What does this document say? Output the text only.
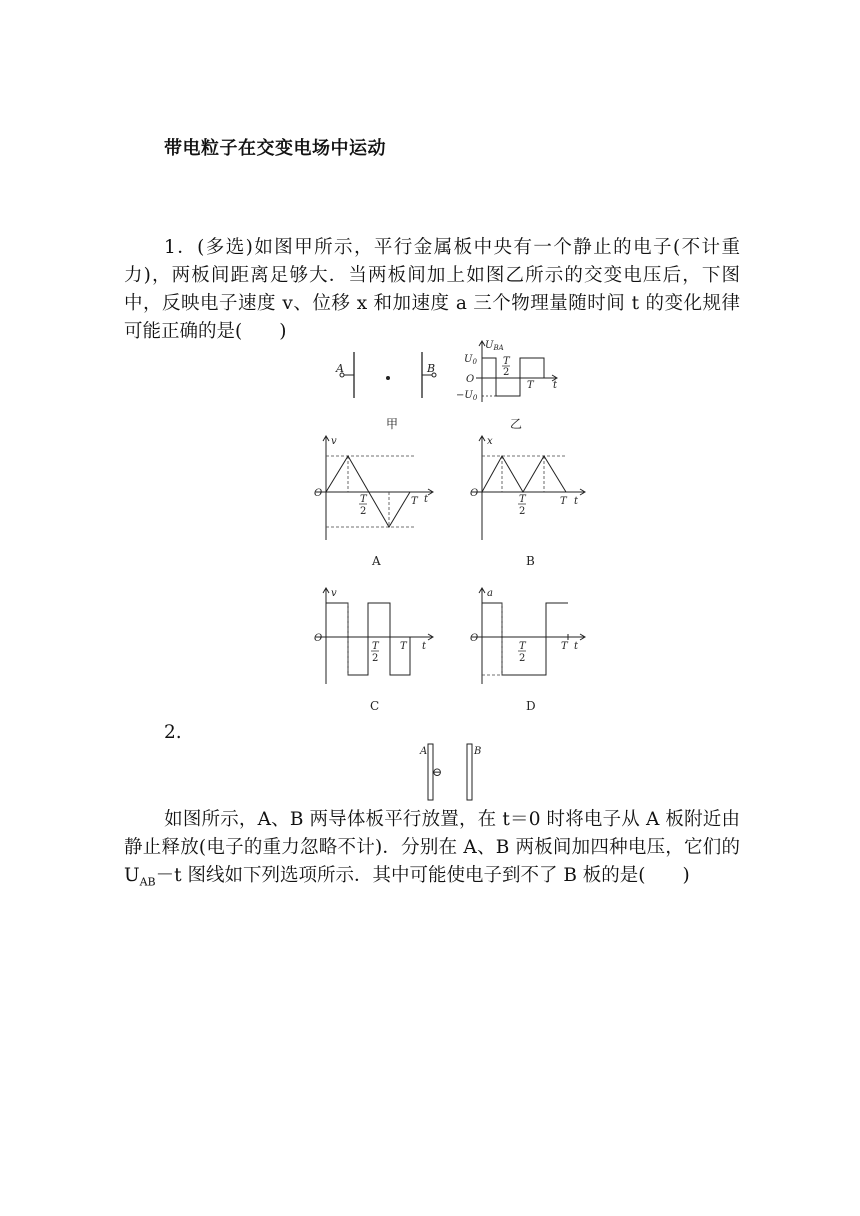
带电粒子在交变电场中运动

1．(多选)如图甲所示，平行金属板中央有一个静止的电子(不计重力)，两板间距离足够大．当两板间加上如图乙所示的交变电压后，下图中，反映电子速度 v、位移 x 和加速度 a 三个物理量随时间 t 的变化规律可能正确的是(　　)

A	B
甲
$U_{BA}$
$U_0$
O
$-U_0$
T
2
T t
乙
v
O
T
2
T t
A
x
O
T
2
T t
B
v
O
T
2
T t
C
a
O
T
2
T t
D
2.
A	B
⊖

如图所示，A、B 两导体板平行放置，在 t＝0 时将电子从 A 板附近由静止释放(电子的重力忽略不计)．分别在 A、B 两板间加四种电压，它们的 $U_{AB}-t$ 图线如下列选项所示．其中可能使电子到不了 B 板的是(　　)
